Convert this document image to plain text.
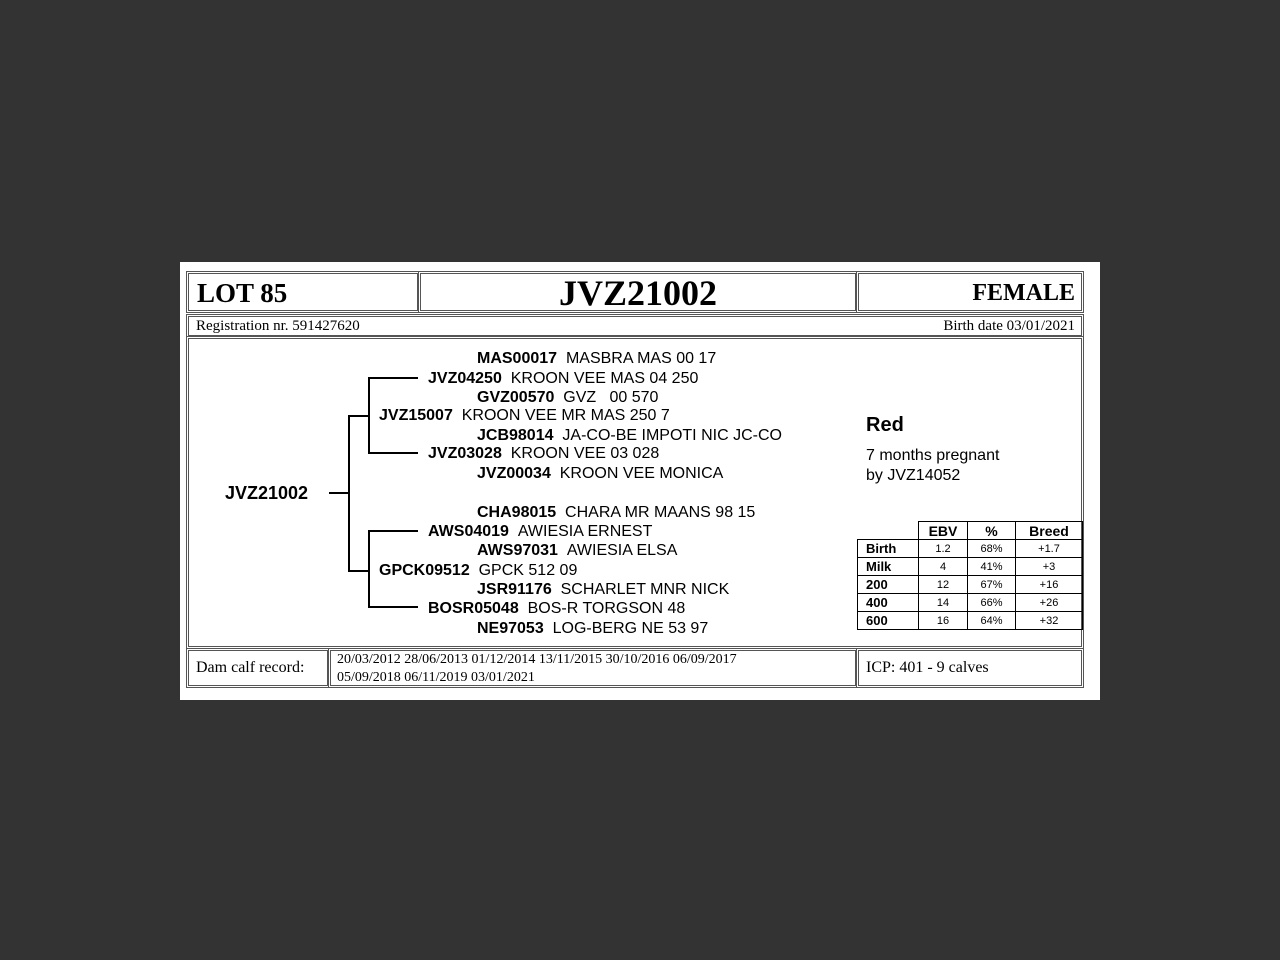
LOT 85	JVZ21002	FEMALE
Registration nr. 591427620	Birth date 03/01/2021
JVZ21002
MAS00017 MASBRA MAS 00 17
JVZ04250 KROON VEE MAS 04 250
GVZ00570 GVZ   00 570
JVZ15007 KROON VEE MR MAS 250 7
JCB98014 JA-CO-BE IMPOTI NIC JC-CO
JVZ03028 KROON VEE 03 028
JVZ00034 KROON VEE MONICA
CHA98015 CHARA MR MAANS 98 15
AWS04019 AWIESIA ERNEST
AWS97031 AWIESIA ELSA
GPCK09512 GPCK 512 09
JSR91176 SCHARLET MNR NICK
BOSR05048 BOS-R TORGSON 48
NE97053 LOG-BERG NE 53 97
Red
7 months pregnant
by JVZ14052
	EBV	%	Breed
Birth	1.2	68%	+1.7
Milk	4	41%	+3
200	12	67%	+16
400	14	66%	+26
600	16	64%	+32
Dam calf record: 20/03/2012 28/06/2013 01/12/2014 13/11/2015 30/10/2016 06/09/2017
05/09/2018 06/11/2019 03/01/2021
ICP: 401 - 9 calves
